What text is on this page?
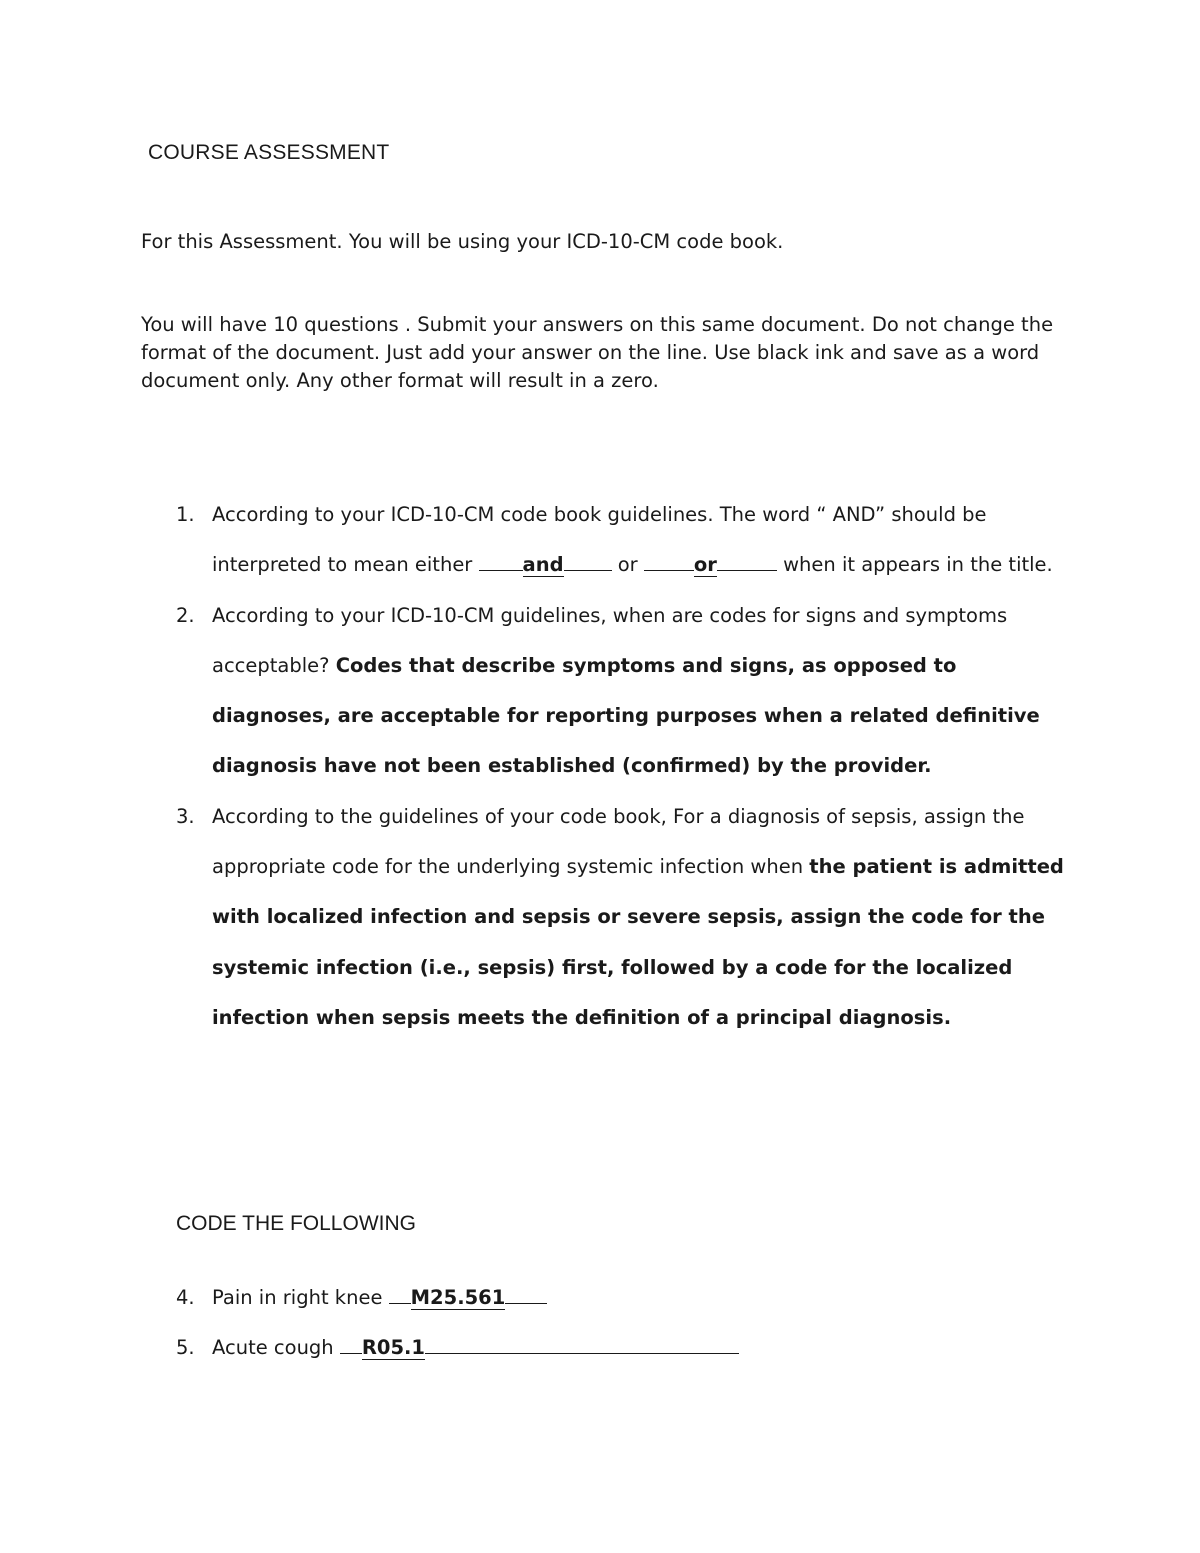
COURSE ASSESSMENT
For this Assessment. You will be using your ICD-10-CM code book.
You will have 10 questions . Submit your answers on this same document. Do not change the format of the document. Just add your answer on the line. Use black ink and save as a word document only. Any other format will result in a zero.
1. According to your ICD-10-CM code book guidelines. The word “ AND” should be interpreted to mean either and or	or	when it appears in the title.
2. According to your ICD-10-CM guidelines, when are codes for signs and symptoms acceptable? Codes that describe symptoms and signs, as opposed to diagnoses, are acceptable for reporting purposes when a related definitive diagnosis have not been established (confirmed) by the provider.
3. According to the guidelines of your code book, For a diagnosis of sepsis, assign the appropriate code for the underlying systemic infection when the patient is admitted with localized infection and sepsis or severe sepsis, assign the code for the systemic infection (i.e., sepsis) first, followed by a code for the localized infection when sepsis meets the definition of a principal diagnosis.
CODE THE FOLLOWING
4. Pain in right knee M25.561
5. Acute cough R05.1
